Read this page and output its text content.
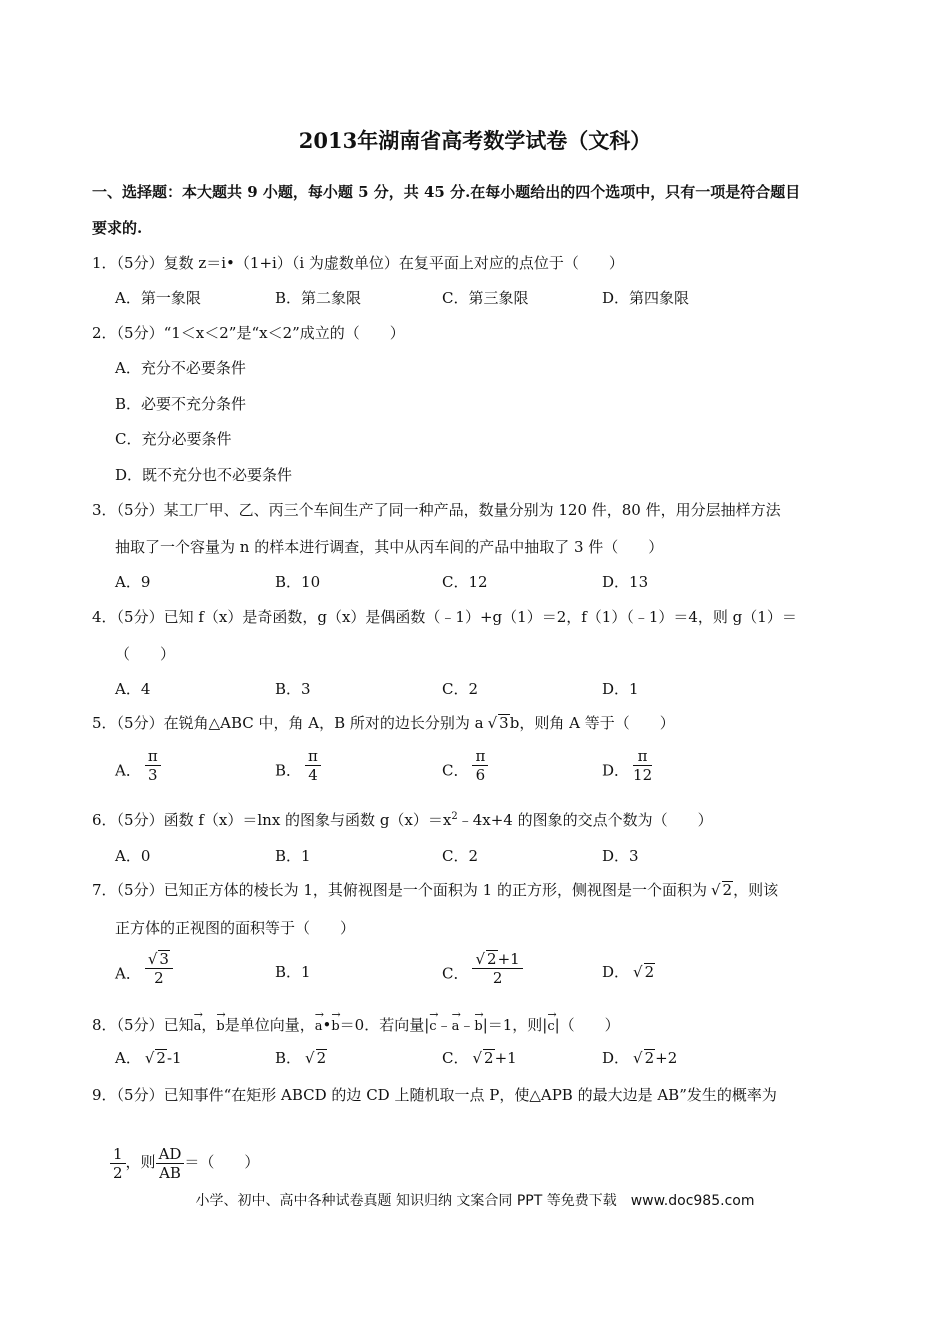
2013年湖南省高考数学试卷（文科）
一、选择题：本大题共 9 小题，每小题 5 分，共 45 分.在每小题给出的四个选项中，只有一项是符合题目
要求的.
1．（5分）复数 z＝i•（1+i）（i 为虚数单位）在复平面上对应的点位于（　　）
A．第一象限	B．第二象限	C．第三象限	D．第四象限
2．（5分）“1＜x＜2”是“x＜2”成立的（　　）
A．充分不必要条件
B．必要不充分条件
C．充分必要条件
D．既不充分也不必要条件
3．（5分）某工厂甲、乙、丙三个车间生产了同一种产品，数量分别为 120 件，80 件，用分层抽样方法
抽取了一个容量为 n 的样本进行调查，其中从丙车间的产品中抽取了 3 件（　　）
A．9	B．10	C．12	D．13
4．（5分）已知 f（x）是奇函数，g（x）是偶函数（﹣1）+g（1）＝2，f（1）（﹣1）＝4，则 g（1）＝
（　　）
A．4	B．3	C．2	D．1
5．（5分）在锐角△ABC 中，角 A，B 所对的边长分别为 a √ 3b，则角 A 等于（　　）
A． $\frac{\pi}{3}$	B． $\frac{\pi}{4}$	C． $\frac{\pi}{6}$	D． $\frac{\pi}{12}$
6．（5分）函数 f（x）＝lnx 的图象与函数 $g(x)=x^2﹣4x+4$ 的图象的交点个数为（　　）
A．0	B．1	C．2	D．3
7．（5分）已知正方体的棱长为 1，其俯视图是一个面积为 1 的正方形，侧视图是一个面积为 √ 2，则该
正方体的正视图的面积等于（　　）
A． $\frac{√ 3}{2}$	B．1	C． $\frac{√ 2+1}{2}$	D． √ 2
8．（5分）已知→ a，→ b是单位向量，→ a•→ b＝0．若向量|→ c﹣→ a﹣→ b|＝1，则|→ c|（　　）
A． √ 2-1	B． √ 2	C． √ 2+1	D． √ 2+2
9．（5分）已知事件“在矩形 ABCD 的边 CD 上随机取一点 P，使△APB 的最大边是 AB”发生的概率为
$\frac{1}{2}$ ，则 $\frac{AD}{AB}$ ＝（　　）
小学、初中、高中各种试卷真题 知识归纳 文案合同 PPT 等免费下载　www.doc985.com
